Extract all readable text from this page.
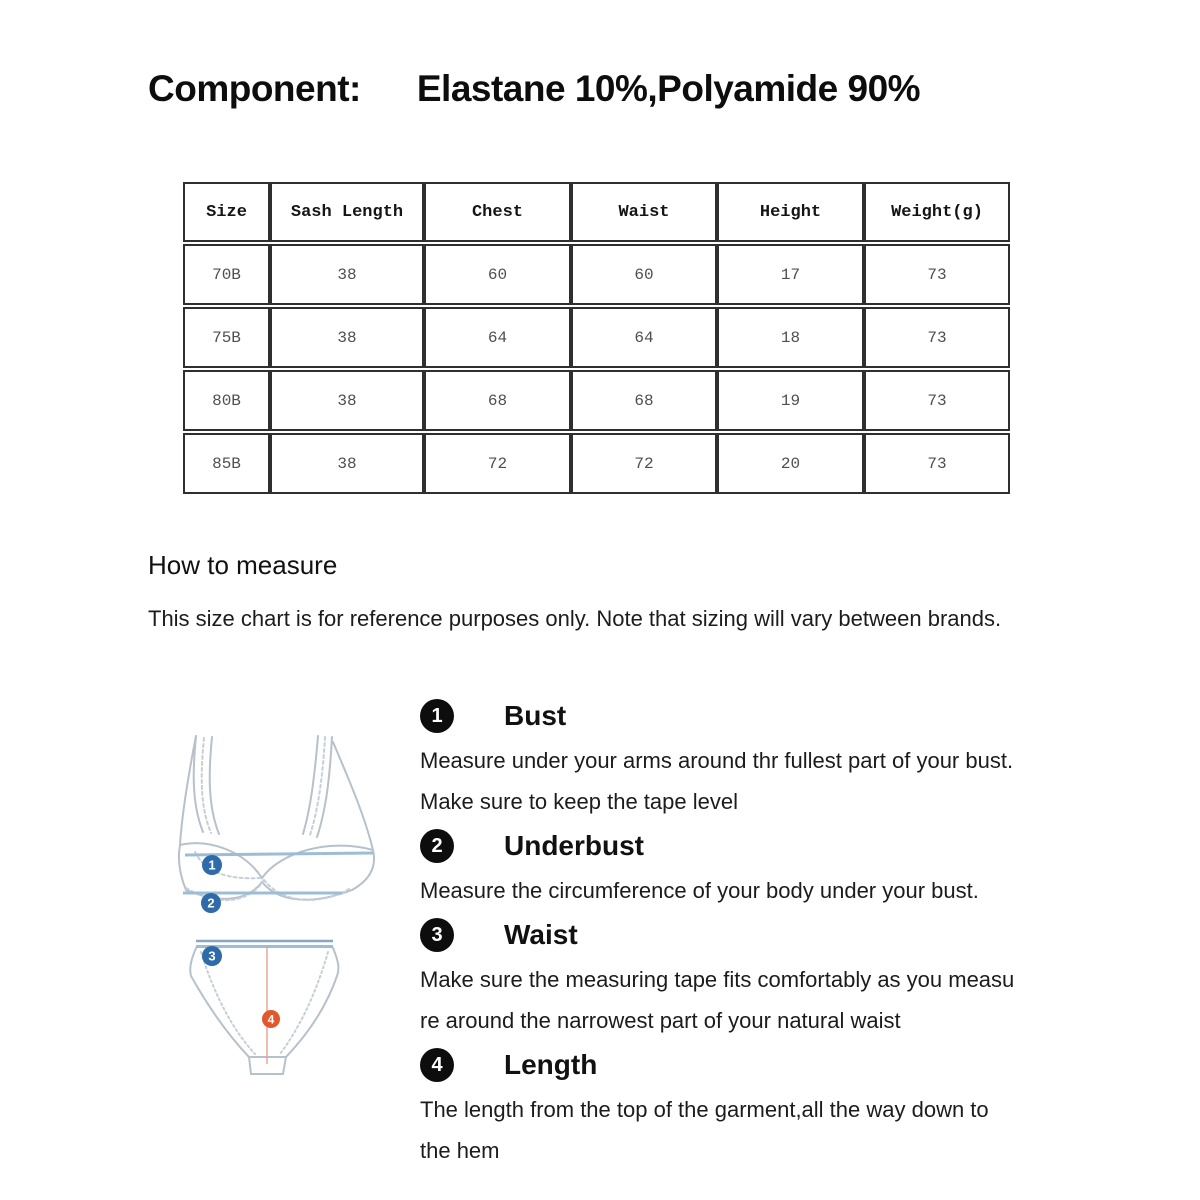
Component: Elastane 10%,Polyamide 90%
Size	Sash Length	Chest	Waist	Height	Weight(g)
70B	38	60	60	17	73
75B	38	64	64	18	73
80B	38	68	68	19	73
85B	38	72	72	20	73
How to measure
This size chart is for reference purposes only. Note that sizing will vary between brands.
1
2
3
4
1	Bust

Measure under your arms around thr fullest part of your bust.

Make sure to keep the tape level

2	Underbust

Measure the circumference of your body under your bust.

3	Waist

Make sure the measuring tape fits comfortably as you measu

re around the narrowest part of your natural waist

4	Length

The length from the top of the garment,all the way down to

the hem
